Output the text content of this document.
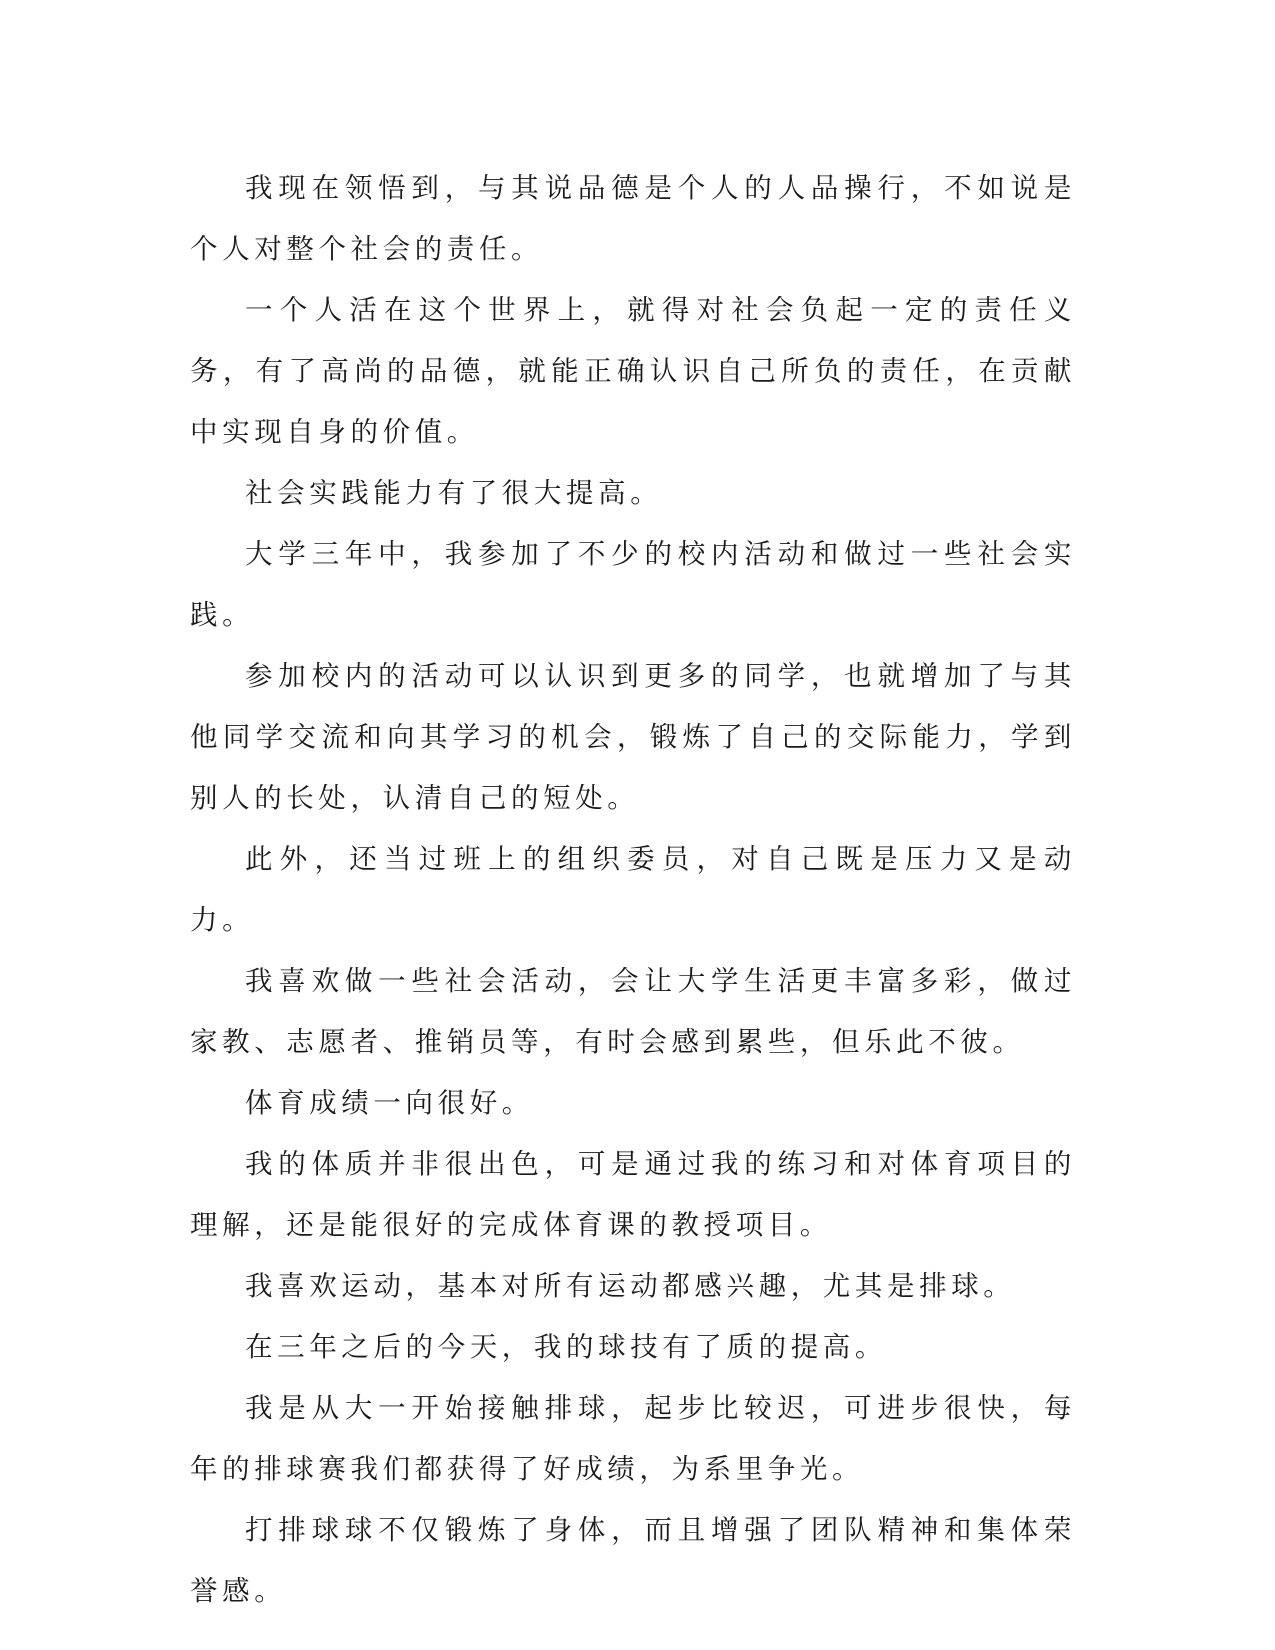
我现在领悟到，与其说品德是个人的人品操行，不如说是个人对整个社会的责任。

一个人活在这个世界上，就得对社会负起一定的责任义务，有了高尚的品德，就能正确认识自己所负的责任，在贡献中实现自身的价值。

社会实践能力有了很大提高。

大学三年中，我参加了不少的校内活动和做过一些社会实践。

参加校内的活动可以认识到更多的同学，也就增加了与其他同学交流和向其学习的机会，锻炼了自己的交际能力，学到别人的长处，认清自己的短处。

此外，还当过班上的组织委员，对自己既是压力又是动力。

我喜欢做一些社会活动，会让大学生活更丰富多彩，做过家教、志愿者、推销员等，有时会感到累些，但乐此不彼。

体育成绩一向很好。

我的体质并非很出色，可是通过我的练习和对体育项目的理解，还是能很好的完成体育课的教授项目。

我喜欢运动，基本对所有运动都感兴趣，尤其是排球。

在三年之后的今天，我的球技有了质的提高。

我是从大一开始接触排球，起步比较迟，可进步很快，每年的排球赛我们都获得了好成绩，为系里争光。

打排球球不仅锻炼了身体，而且增强了团队精神和集体荣誉感。
